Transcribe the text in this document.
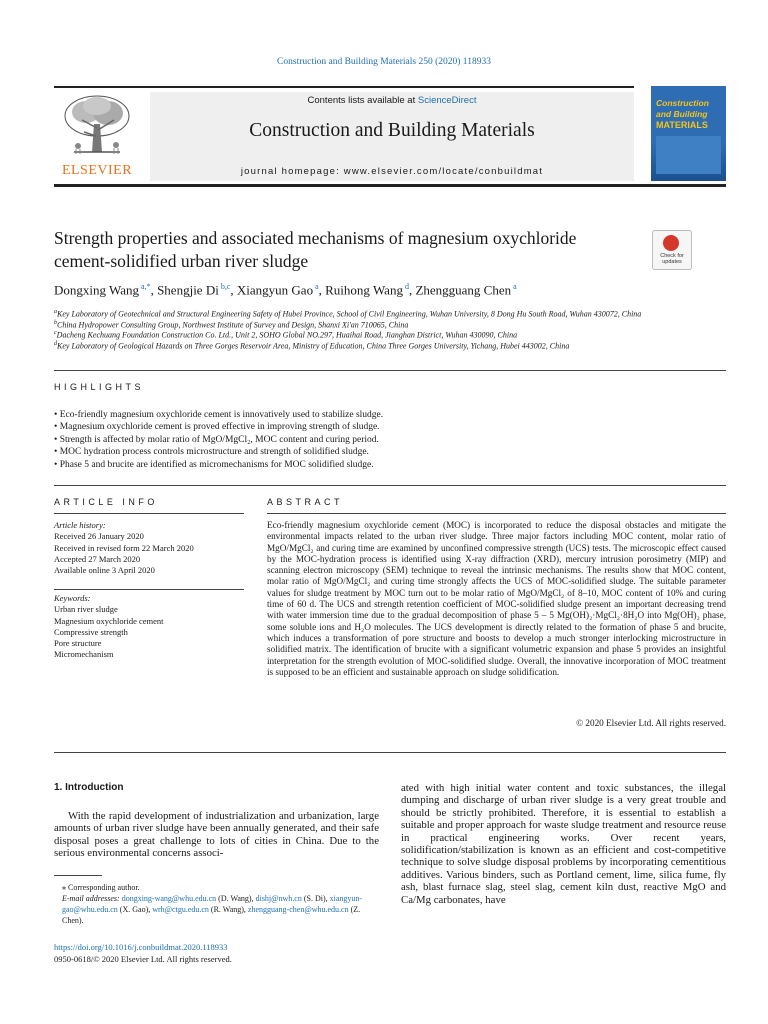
Construction and Building Materials 250 (2020) 118933
ELSEVIER
Contents lists available at ScienceDirect
Construction and Building Materials
journal homepage: www.elsevier.com/locate/conbuildmat
Construction
and Building
MATERIALS
Strength properties and associated mechanisms of magnesium oxychloride cement-solidified urban river sludge	Check for updates
Dongxing Wang $^{a,*}$, Shengjie Di $^{b,c}$, Xiangyun Gao $^a$, Ruihong Wang $^d$, Zhengguang Chen $^a$
$^a$Key Laboratory of Geotechnical and Structural Engineering Safety of Hubei Province, School of Civil Engineering, Wuhan University, 8 Dong Hu South Road, Wuhan 430072, China
$^b$China Hydropower Consulting Group, Northwest Institute of Survey and Design, Shanxi Xi'an 710065, China
$^c$Dacheng Kechuang Foundation Construction Co. Ltd., Unit 2, SOHO Global NO.297, Huaihai Road, Jianghan District, Wuhan 430090, China
$^d$Key Laboratory of Geological Hazards on Three Gorges Reservoir Area, Ministry of Education, China Three Gorges University, Yichang, Hubei 443002, China
HIGHLIGHTS
• Eco-friendly magnesium oxychloride cement is innovatively used to stabilize sludge.
• Magnesium oxychloride cement is proved effective in improving strength of sludge.
• Strength is affected by molar ratio of MgO/MgCl₂, MOC content and curing period.
• MOC hydration process controls microstructure and strength of solidified sludge.
• Phase 5 and brucite are identified as micromechanisms for MOC solidified sludge.
ARTICLE INFO
Article history:
Received 26 January 2020
Received in revised form 22 March 2020
Accepted 27 March 2020
Available online 3 April 2020
Keywords:
Urban river sludge
Magnesium oxychloride cement
Compressive strength
Pore structure
Micromechanism
ABSTRACT
Eco-friendly magnesium oxychloride cement (MOC) is incorporated to reduce the disposal obstacles and mitigate the environmental impacts related to the urban river sludge. Three major factors including MOC content, molar ratio of MgO/MgCl₂ and curing time are examined by unconfined compressive strength (UCS) tests. The microscopic effect caused by the MOC-hydration process is identified using X-ray diffraction (XRD), mercury intrusion porosimetry (MIP) and scanning electron microscopy (SEM) technique to reveal the intrinsic mechanisms. The results show that MOC content, molar ratio of MgO/MgCl₂ and curing time strongly affects the UCS of MOC-solidified sludge. The suitable parameter values for sludge treatment by MOC turn out to be molar ratio of MgO/MgCl₂ of 8–10, MOC content of 10% and curing time of 60 d. The UCS and strength retention coefficient of MOC-solidified sludge present an important decreasing trend with water immersion time due to the gradual decomposition of phase 5 – 5 Mg(OH)₂·MgCl₂·8H₂O into Mg(OH)₂ phase, some soluble ions and H₂O molecules. The UCS development is directly related to the formation of phase 5 and brucite, which induces a transformation of pore structure and boosts to develop a much stronger interlocking microstructure in solidified matrix. The identification of brucite with a significant volumetric expansion and phase 5 provides an insightful interpretation for the strength evolution of MOC-solidified sludge. Overall, the innovative incorporation of MOC treatment is supposed to be an efficient and sustainable approach on sludge solidification.
© 2020 Elsevier Ltd. All rights reserved.
1. Introduction
With the rapid development of industrialization and urbanization, large amounts of urban river sludge have been annually generated, and their safe disposal poses a great challenge to lots of cities in China. Due to the serious environmental concerns associ-
ated with high initial water content and toxic substances, the illegal dumping and discharge of urban river sludge is a very great trouble and should be strictly prohibited. Therefore, it is essential to establish a suitable and proper approach for waste sludge treatment and resource reuse in practical engineering works. Over recent years, solidification/stabilization is known as an efficient and cost-competitive technique to solve sludge disposal problems by incorporating cementitious additives. Various binders, such as Portland cement, lime, silica fume, fly ash, blast furnace slag, steel slag, cement kiln dust, reactive MgO and Ca/Mg carbonates, have
⁎ Corresponding author.
E-mail addresses: dongxing-wang@whu.edu.cn (D. Wang), dishj@nwh.cn (S. Di), xiangyun-gao@whu.edu.cn (X. Gao), wrh@ctgu.edu.cn (R. Wang), zhengguang-chen@whu.edu.cn (Z. Chen).
https://doi.org/10.1016/j.conbuildmat.2020.118933
0950-0618/© 2020 Elsevier Ltd. All rights reserved.
